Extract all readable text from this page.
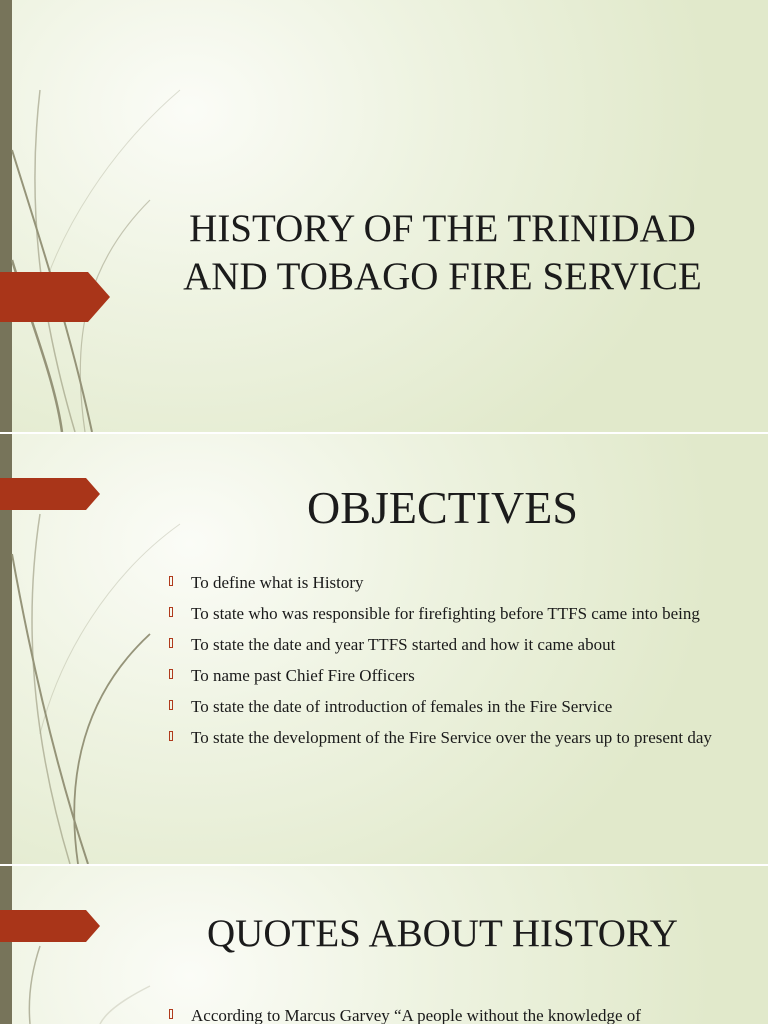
HISTORY OF THE TRINIDAD AND TOBAGO FIRE SERVICE
OBJECTIVES
To define what is History
To state who was responsible for firefighting before TTFS came into being
To state the date and year TTFS started and how it came about
To name past Chief Fire Officers
To state the date of introduction of females in the Fire Service
To state the development of the Fire Service over the years up to present day
QUOTES ABOUT HISTORY
According to Marcus Garvey “A people without the knowledge of
